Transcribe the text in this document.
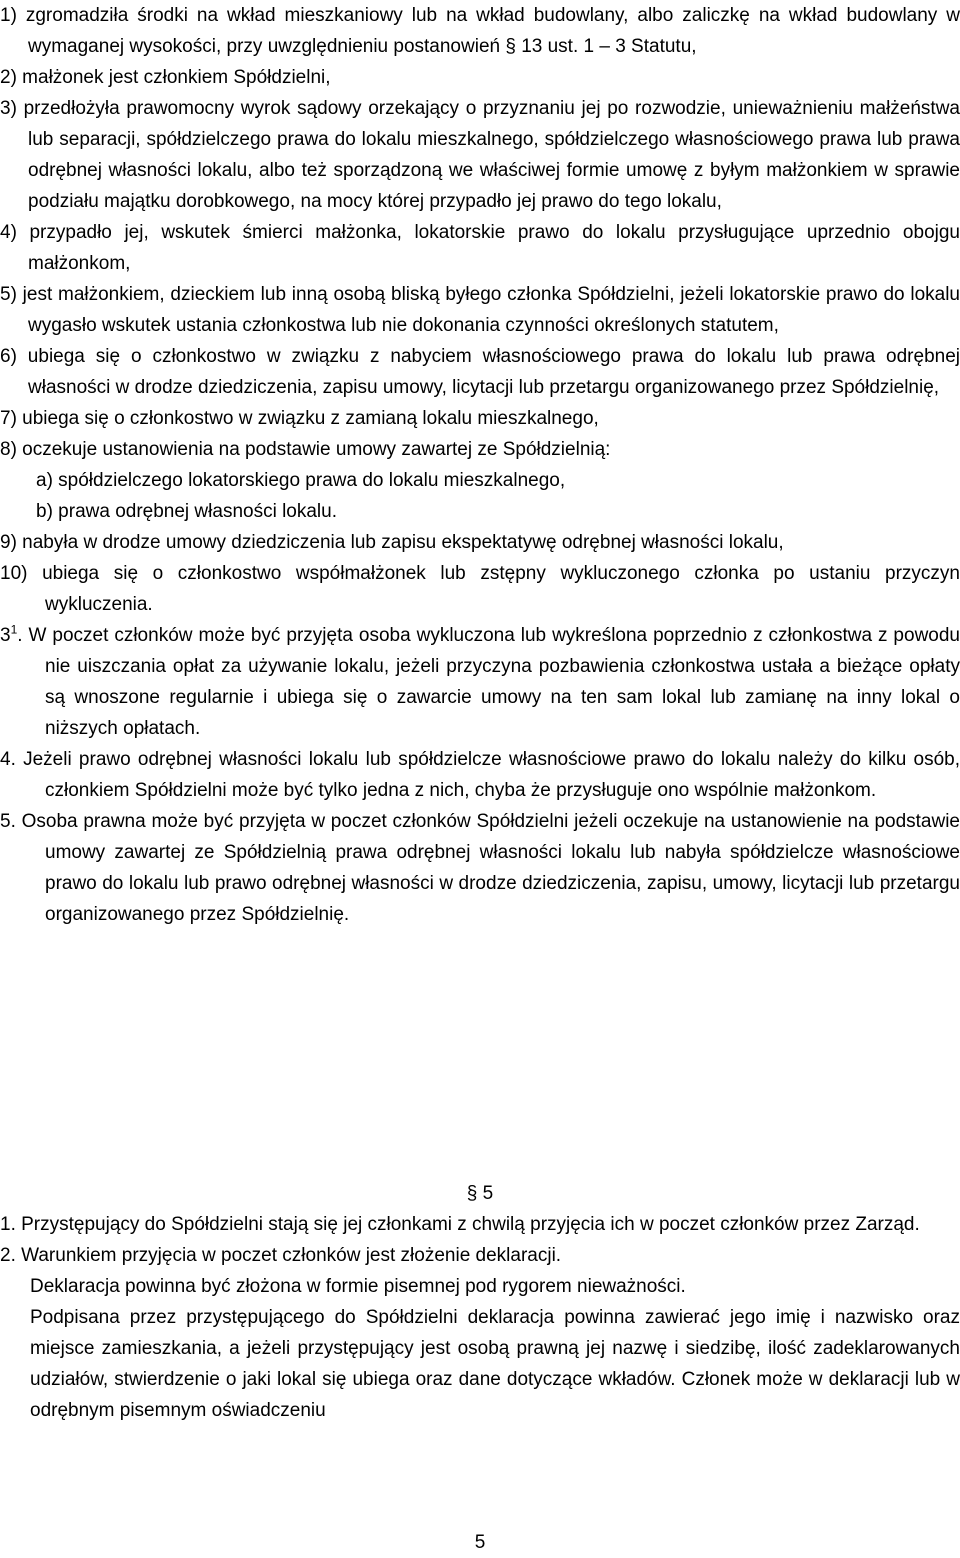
1) zgromadziła środki na wkład mieszkaniowy lub na wkład budowlany, albo zaliczkę na wkład budowlany w wymaganej wysokości, przy uwzględnieniu postanowień § 13 ust. 1 – 3 Statutu,

2) małżonek jest członkiem Spółdzielni,

3) przedłożyła prawomocny wyrok sądowy orzekający o przyznaniu jej po rozwodzie, unieważnieniu małżeństwa lub separacji, spółdzielczego prawa do lokalu mieszkalnego, spółdzielczego własnościowego prawa lub prawa odrębnej własności lokalu, albo też sporządzoną we właściwej formie umowę z byłym małżonkiem w sprawie podziału majątku dorobkowego, na mocy której przypadło jej prawo do tego lokalu,

4) przypadło jej, wskutek śmierci małżonka, lokatorskie prawo do lokalu przysługujące uprzednio obojgu małżonkom,

5) jest małżonkiem, dzieckiem lub inną osobą bliską byłego członka Spółdzielni, jeżeli lokatorskie prawo do lokalu wygasło wskutek ustania członkostwa lub nie dokonania czynności określonych statutem,

6) ubiega się o członkostwo w związku z nabyciem własnościowego prawa do lokalu lub prawa odrębnej własności w drodze dziedziczenia, zapisu umowy, licytacji lub przetargu organizowanego przez Spółdzielnię,

7) ubiega się o członkostwo w związku z zamianą lokalu mieszkalnego,

8) oczekuje ustanowienia na podstawie umowy zawartej ze Spółdzielnią:

a) spółdzielczego lokatorskiego prawa do lokalu mieszkalnego,

b) prawa odrębnej własności lokalu.

9) nabyła w drodze umowy dziedziczenia lub zapisu ekspektatywę odrębnej własności lokalu,

10) ubiega się o członkostwo współmałżonek lub zstępny wykluczonego członka po ustaniu przyczyn wykluczenia.

$3^1$. W poczet członków może być przyjęta osoba wykluczona lub wykreślona poprzednio z członkostwa z powodu nie uiszczania opłat za używanie lokalu, jeżeli przyczyna pozbawienia członkostwa ustała a bieżące opłaty są wnoszone regularnie i ubiega się o zawarcie umowy na ten sam lokal lub zamianę na inny lokal o niższych opłatach.

4. Jeżeli prawo odrębnej własności lokalu lub spółdzielcze własnościowe prawo do lokalu należy do kilku osób, członkiem Spółdzielni może być tylko jedna z nich, chyba że przysługuje ono wspólnie małżonkom.

5. Osoba prawna może być przyjęta w poczet członków Spółdzielni jeżeli oczekuje na ustanowienie na podstawie umowy zawartej ze Spółdzielnią prawa odrębnej własności lokalu lub nabyła spółdzielcze własnościowe prawo do lokalu lub prawo odrębnej własności w drodze dziedziczenia, zapisu, umowy, licytacji lub przetargu organizowanego przez Spółdzielnię.

§ 5

1. Przystępujący do Spółdzielni stają się jej członkami z chwilą przyjęcia ich w poczet członków przez Zarząd.

2. Warunkiem przyjęcia w poczet członków jest złożenie deklaracji.

Deklaracja powinna być złożona w formie pisemnej pod rygorem nieważności.

Podpisana przez przystępującego do Spółdzielni deklaracja powinna zawierać jego imię i nazwisko oraz miejsce zamieszkania, a jeżeli przystępujący jest osobą prawną jej nazwę i siedzibę, ilość zadeklarowanych udziałów, stwierdzenie o jaki lokal się ubiega oraz dane dotyczące wkładów. Członek może w deklaracji lub w odrębnym pisemnym oświadczeniu

5
